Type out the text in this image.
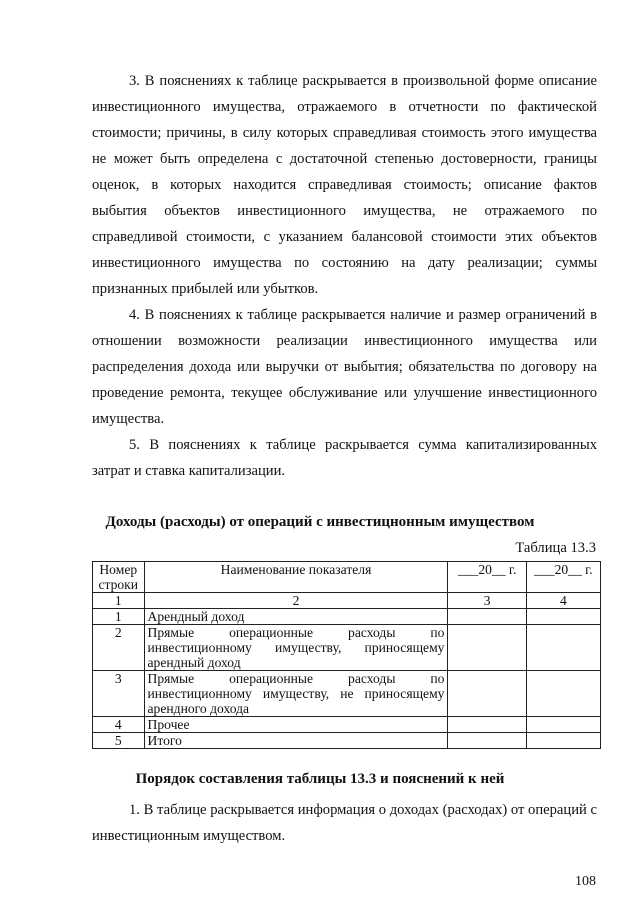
3. В пояснениях к таблице раскрывается в произвольной форме описание инвестиционного имущества, отражаемого в отчетности по фактической стоимости; причины, в силу которых справедливая стоимость этого имущества не может быть определена с достаточной степенью достоверности, границы оценок, в которых находится справедливая стоимость; описание фактов выбытия объектов инвестиционного имущества, не отражаемого по справедливой стоимости, с указанием балансовой стоимости этих объектов инвестиционного имущества по состоянию на дату реализации; суммы признанных прибылей или убытков.

4. В пояснениях к таблице раскрывается наличие и размер ограничений в отношении возможности реализации инвестиционного имущества или распределения дохода или выручки от выбытия; обязательства по договору на проведение ремонта, текущее обслуживание или улучшение инвестиционного имущества.

5. В пояснениях к таблице раскрывается сумма капитализированных затрат и ставка капитализации.

Доходы (расходы) от операций с инвестицнонным имуществом

Таблица 13.3
Номер
строки	Наименование показателя	___20__ г.	___20__ г.
1	2	3	4
1	Арендный доход		

2	Прямые операционные расходы по
инвестиционному имуществу, приносящему
арендный доход		

3	Прямые операционные расходы по
инвестиционному имуществу, не приносящему
арендного дохода		

4	Прочее		

5	Итого		

Порядок составления таблицы 13.3 и пояснений к ней

1. В таблице раскрывается информация о доходах (расходах) от операций с инвестиционным имуществом.

108
